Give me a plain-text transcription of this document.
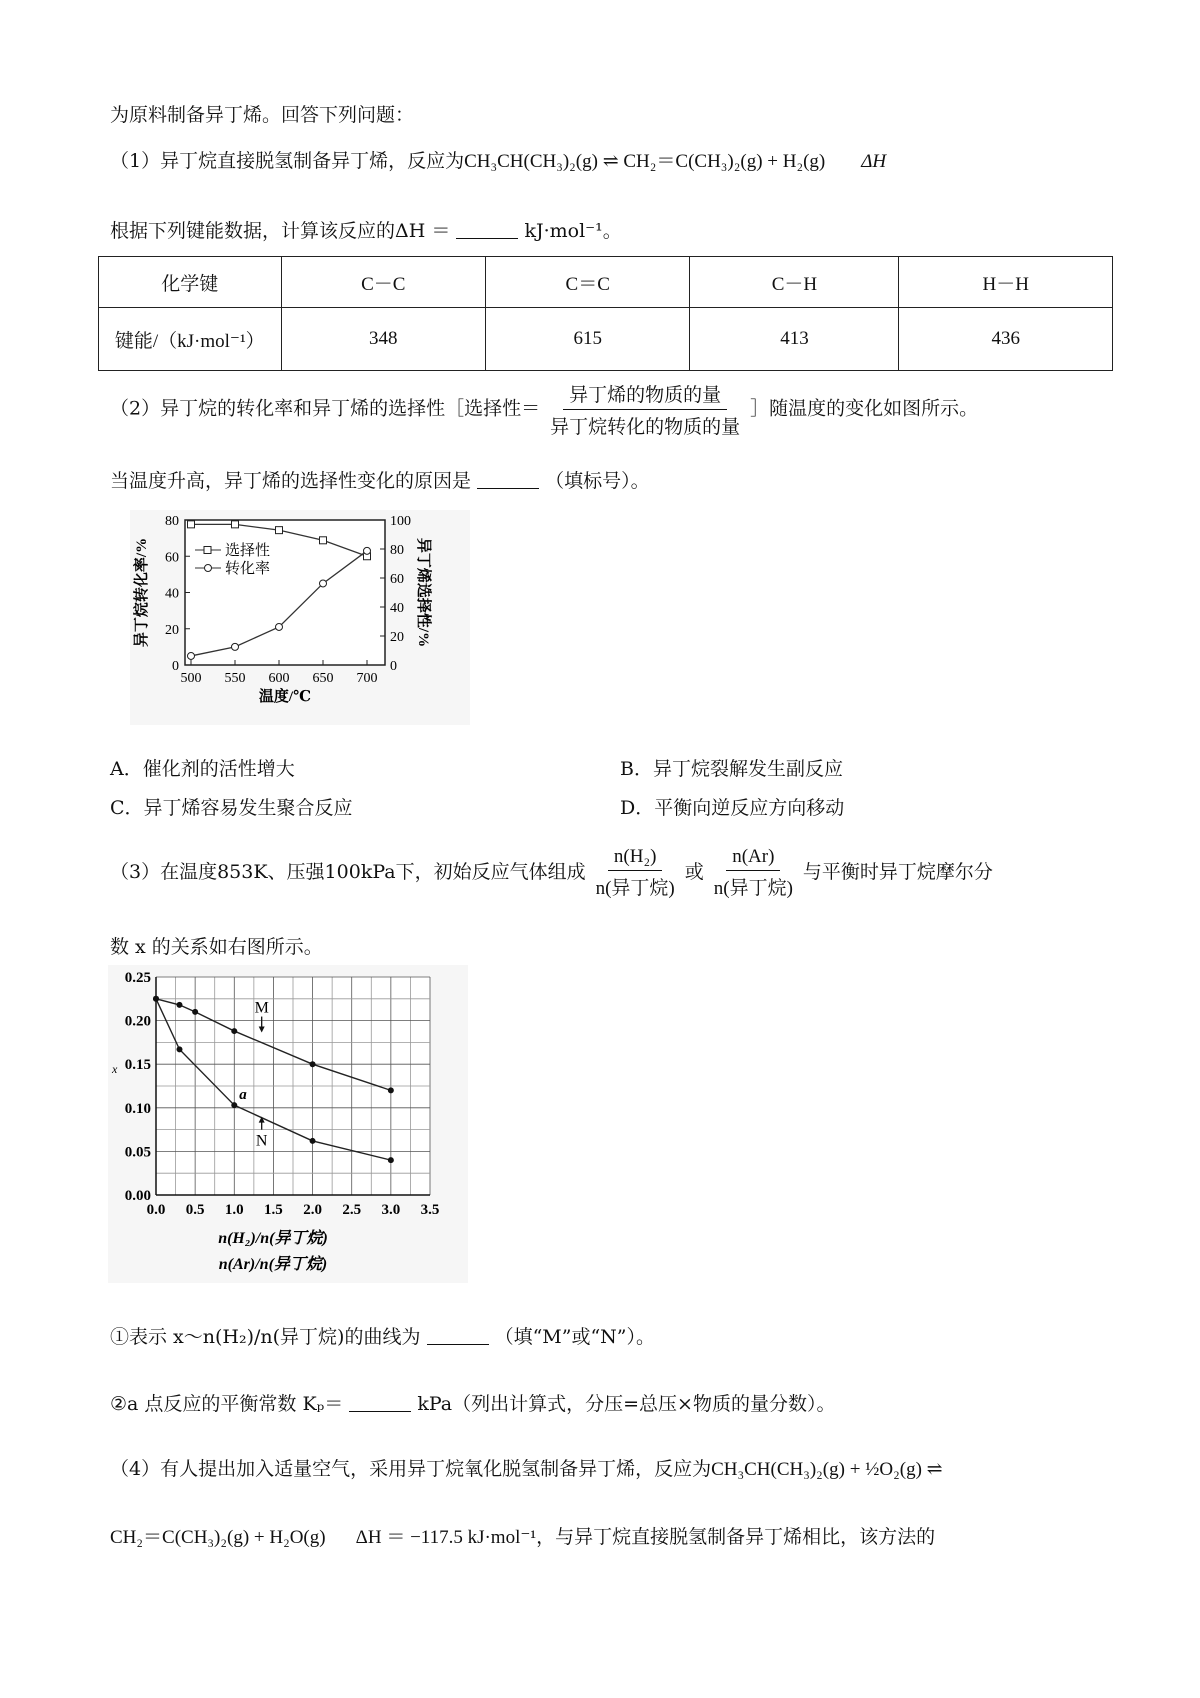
为原料制备异丁烯。回答下列问题：
（1）异丁烷直接脱氢制备异丁烯，反应为CH₃CH(CH₃)₂(g) ⇌ CH₂＝C(CH₃)₂(g) + H₂(g) ΔH
根据下列键能数据，计算该反应的ΔH ＝	kJ·mol⁻¹。
化学键	C－C	C＝C	C－H	H－H
键能/（kJ·mol⁻¹）	348	615	413	436
（2）异丁烷的转化率和异丁烯的选择性［选择性＝ $\frac{\text{异丁烯的物质的量}}{\text{异丁烷转化的物质的量}}$ ］随温度的变化如图所示。
当温度升高，异丁烯的选择性变化的原因是	（填标号）。
0
20
40
60
80
0
20
40
60
80
100
500 550 600 650 700
温度/℃
异丁烷转化率/%	异丁烯选择性/%
选择性
转化率
A．催化剂的活性增大	B．异丁烷裂解发生副反应
C．异丁烯容易发生聚合反应	D．平衡向逆反应方向移动
（3）在温度853K、压强100kPa下，初始反应气体组成 $\frac{\text{n(H₂)}}{\text{n(异丁烷)}}$ 或 $\frac{n(Ar)}{\text{n(异丁烷)}}$ 与平衡时异丁烷摩尔分
数 x 的关系如右图所示。
0.00
0.05
0.10
0.15
0.20
0.25
0.0 0.5 1.0 1.5 2.0 2.5 3.0 3.5
n(H₂)/n(异丁烷)
n(Ar)/n(异丁烷)
x
M
N
a
①表示 x～n(H₂)/n(异丁烷)的曲线为	（填“M”或“N”）。
②a 点反应的平衡常数 Kₚ＝	kPa（列出计算式，分压=总压×物质的量分数）。
（4）有人提出加入适量空气，采用异丁烷氧化脱氢制备异丁烯，反应为CH₃CH(CH₃)₂(g) + ½O₂(g) ⇌
CH₂＝C(CH₃)₂(g) + H₂O(g) ΔH ＝ −117.5 kJ·mol⁻¹，与异丁烷直接脱氢制备异丁烯相比，该方法的
